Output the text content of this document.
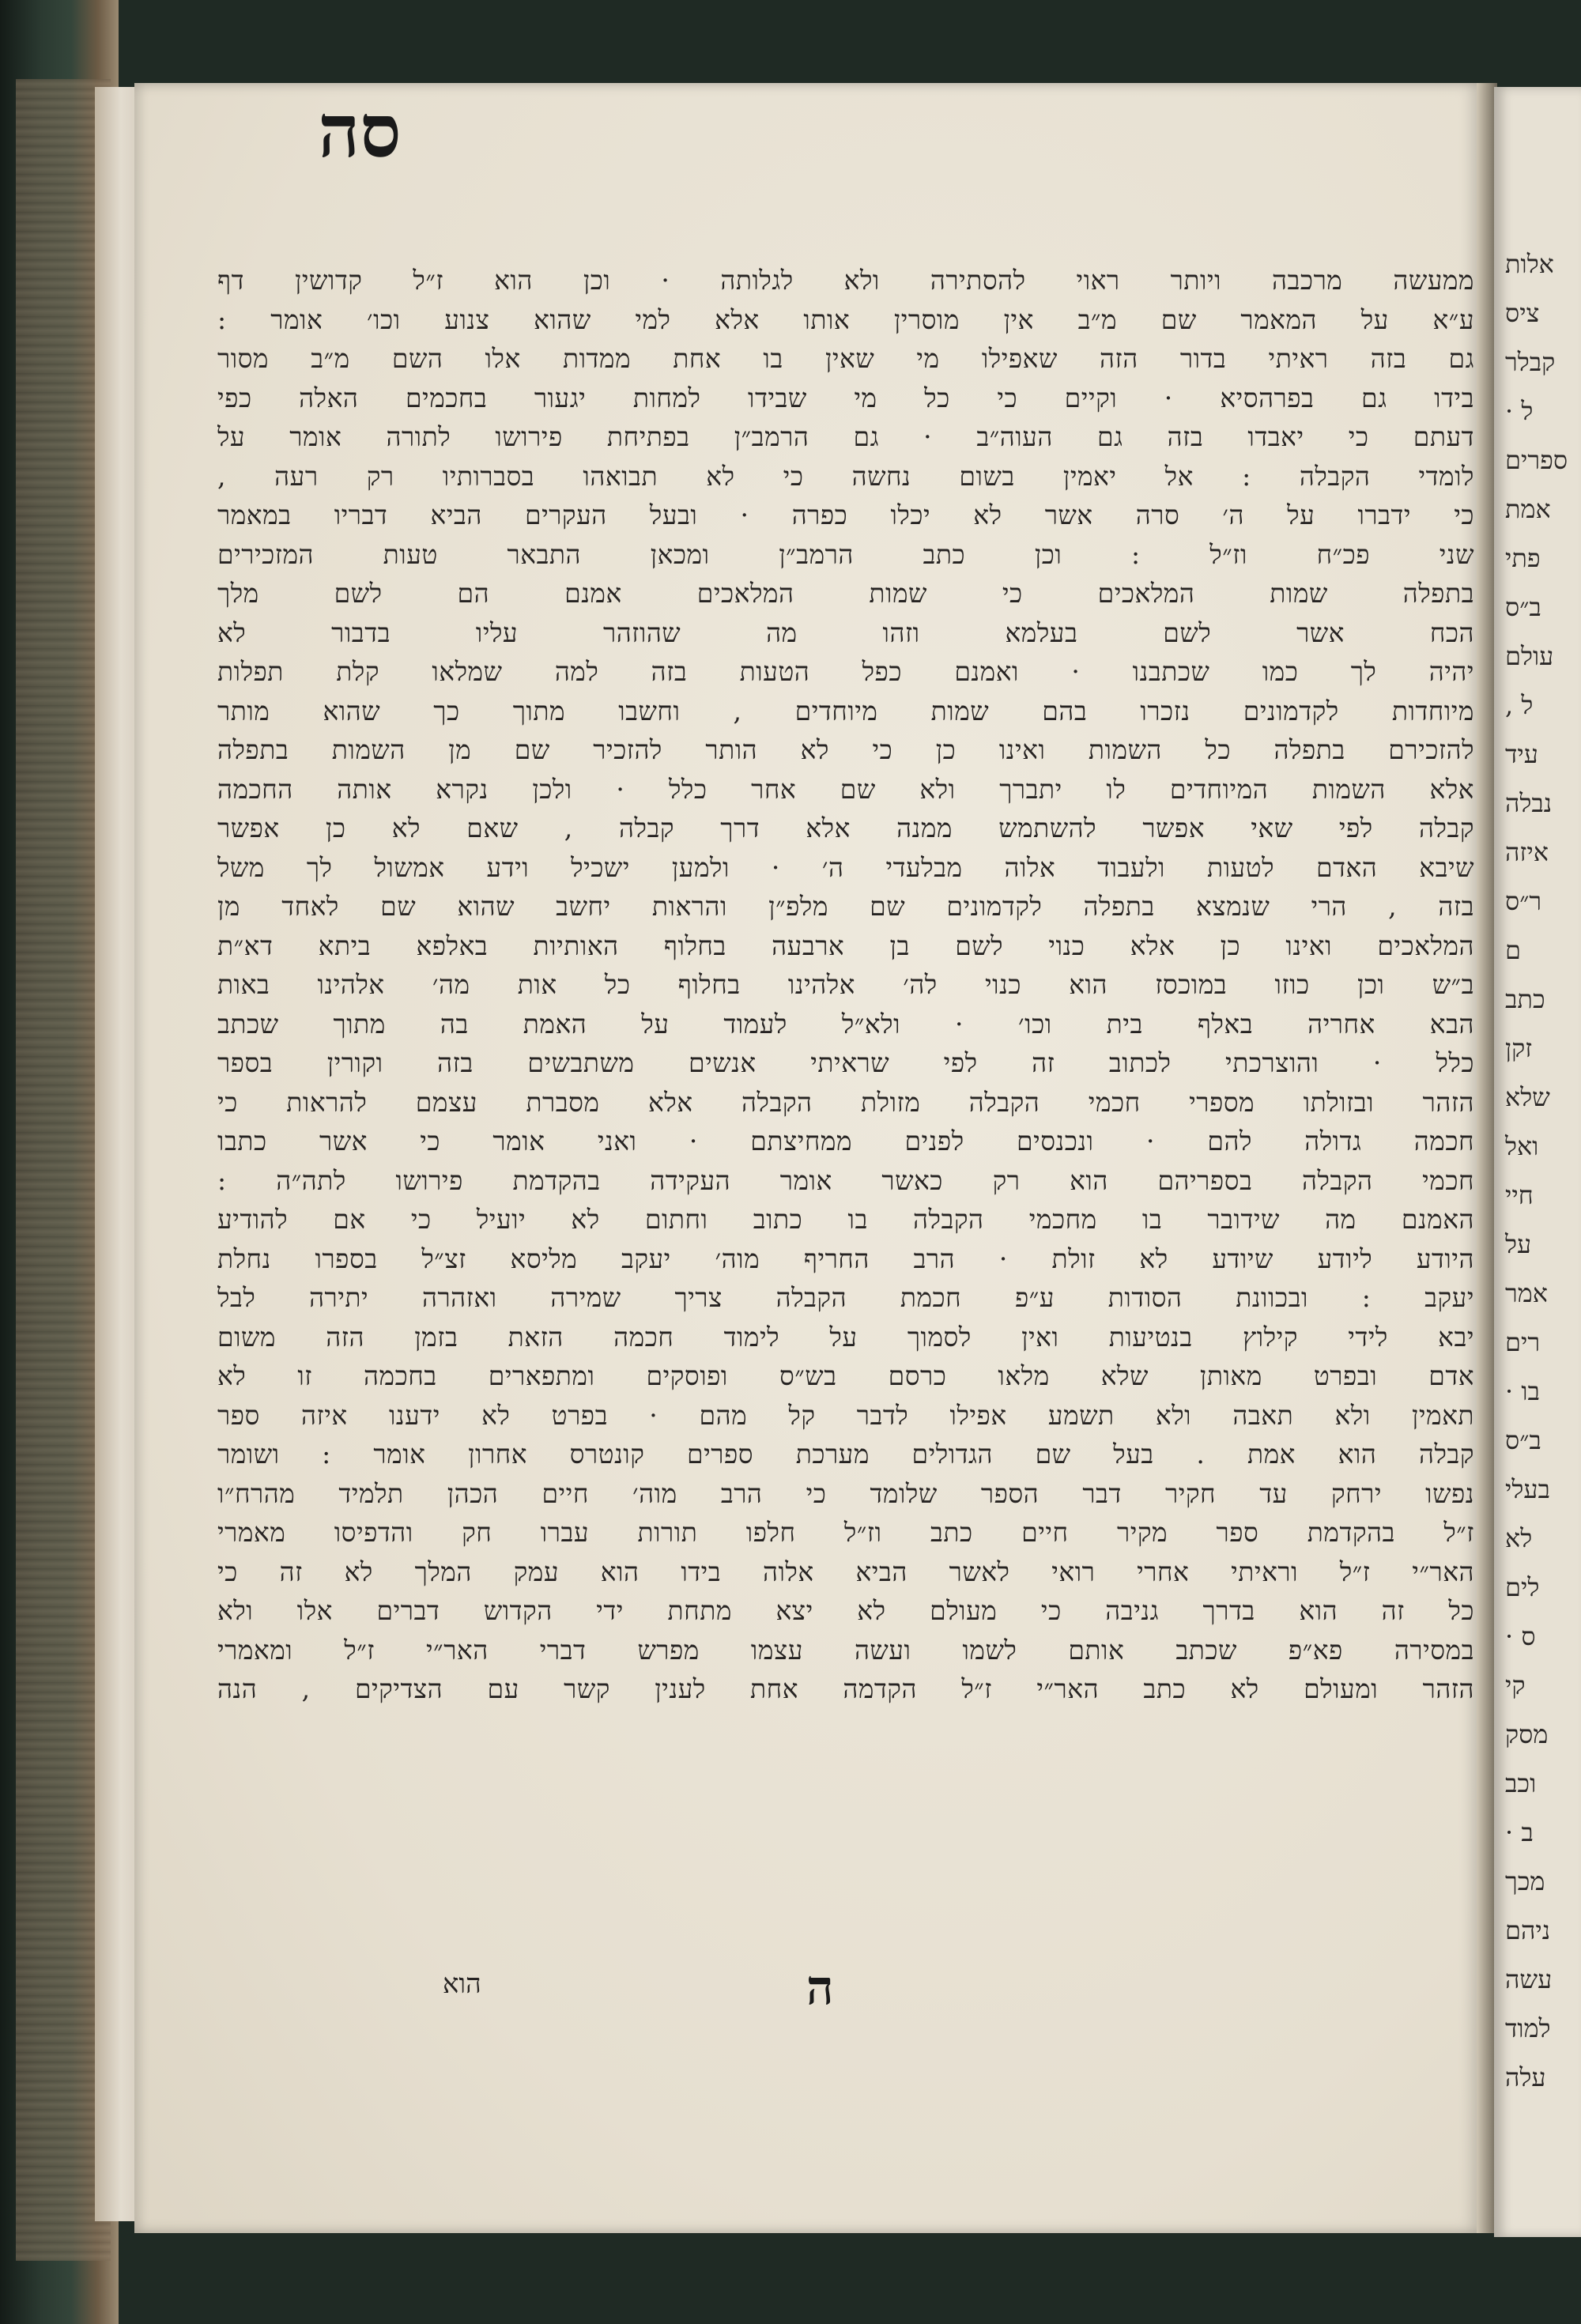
אלות
ציס
קבלר
ל ·
ספרים
אמת
פתי
ב״ס
עולם
ל ,
עיד
נבלה
איזה
ר״ס
ם
כתב
זקן
שלא
ואל
חיי
על
אמר
רים
בו ·
ב״ס
בעלי
לא
לים
ס ·
קי
מסק
וכב
ב ·
מכך
ניהם
עשה
למוד
עלה
סה
ממעשה מרכבה ויותר ראוי להסתירה ולא לגלותה · וכן הוא ז״ל קדושין דף
ע״א על המאמר שם מ״ב אין מוסרין אותו אלא למי שהוא צנוע וכו׳ אומר :
גם בזה ראיתי בדור הזה שאפילו מי שאין בו אחת ממדות אלו השם מ״ב מסור
בידו גם בפרהסיא · וקיים כי כל מי שבידו למחות יגעור בחכמים האלה כפי
דעתם כי יאבדו בזה גם העוה״ב · גם הרמב״ן בפתיחת פירושו לתורה אומר על
לומדי הקבלה : אל יאמין בשום נחשה כי לא תבואהו בסברותיו רק רעה ,
כי ידברו על ה׳ סרה אשר לא יכלו כפרה · ובעל העקרים הביא דבריו במאמר
שני פכ״ח וז״ל : וכן כתב הרמב״ן ומכאן התבאר טעות המזכירים
בתפלה שמות המלאכים כי שמות המלאכים אמנם הם לשם מלך
הכח אשר לשם בעלמא וזהו מה שהוזהר עליו בדבור לא
יהיה לך כמו שכתבנו · ואמנם כפל הטעות בזה למה שמלאו קלת תפלות
מיוחדות לקדמונים נזכרו בהם שמות מיוחדים , וחשבו מתוך כך שהוא מותר
להזכירם בתפלה כל השמות ואינו כן כי לא הותר להזכיר שם מן השמות בתפלה
אלא השמות המיוחדים לו יתברך ולא שם אחר כלל · ולכן נקרא אותה החכמה
קבלה לפי שאי אפשר להשתמש ממנה אלא דרך קבלה , שאם לא כן אפשר
שיבא האדם לטעות ולעבוד אלוה מבלעדי ה׳ · ולמען ישכיל וידע אמשול לך משל
בזה , הרי שנמצא בתפלה לקדמונים שם מלפ״ן והראות יחשב שהוא שם לאחד מן
המלאכים ואינו כן אלא כנוי לשם בן ארבעה בחלוף האותיות באלפא ביתא דא״ת
ב״ש וכן כוזו במוכסז הוא כנוי לה׳ אלהינו בחלוף כל אות מה׳ אלהינו באות
הבא אחריה באלף בית וכו׳ · ולא״ל לעמוד על האמת בה מתוך שכתב
כלל · והוצרכתי לכתוב זה לפי שראיתי אנשים משתבשים בזה וקורין בספר
הזהר ובזולתו מספרי חכמי הקבלה מזולת הקבלה אלא מסברת עצמם להראות כי
חכמה גדולה להם · ונכנסים לפנים ממחיצתם · ואני אומר כי אשר כתבו
חכמי הקבלה בספריהם הוא רק כאשר אומר העקידה בהקדמת פירושו לתה״ה :
האמנם מה שידובר בו מחכמי הקבלה בו כתוב וחתום לא יועיל כי אם להודיע
היודע ליודע שיודע לא זולת · הרב החריף מוה׳ יעקב מליסא זצ״ל בספרו נחלת
יעקב : ובכוונת הסודות ע״פ חכמת הקבלה צריך שמירה ואזהרה יתירה לבל
יבא לידי קילוץ בנטיעות ואין לסמוך על לימוד חכמה הזאת בזמן הזה משום
אדם ובפרט מאותן שלא מלאו כרסם בש״ס ופוסקים ומתפארים בחכמה זו לא
תאמין ולא תאבה ולא תשמע אפילו לדבר קל מהם · בפרט לא ידענו איזה ספר
קבלה הוא אמת . בעל שם הגדולים מערכת ספרים קונטרס אחרון אומר : ושומר
נפשו ירחק עד חקיר דבר הספר שלומד כי הרב מוה׳ חיים הכהן תלמיד מהרח״ו
ז״ל בהקדמת ספר מקיר חיים כתב וז״ל חלפו תורות עברו חק והדפיסו מאמרי
האר״י ז״ל וראיתי אחרי רואי לאשר הביא אלוה בידו הוא עמק המלך לא זה כי
כל זה הוא בדרך גניבה כי מעולם לא יצא מתחת ידי הקדוש דברים אלו ולא
במסירה פא״פ שכתב אותם לשמו ועשה עצמו מפרש דברי האר״י ז״ל ומאמרי
הזהר ומעולם לא כתב האר״י ז״ל הקדמה אחת לענין קשר עם הצדיקים , הנה
ה
הוא
